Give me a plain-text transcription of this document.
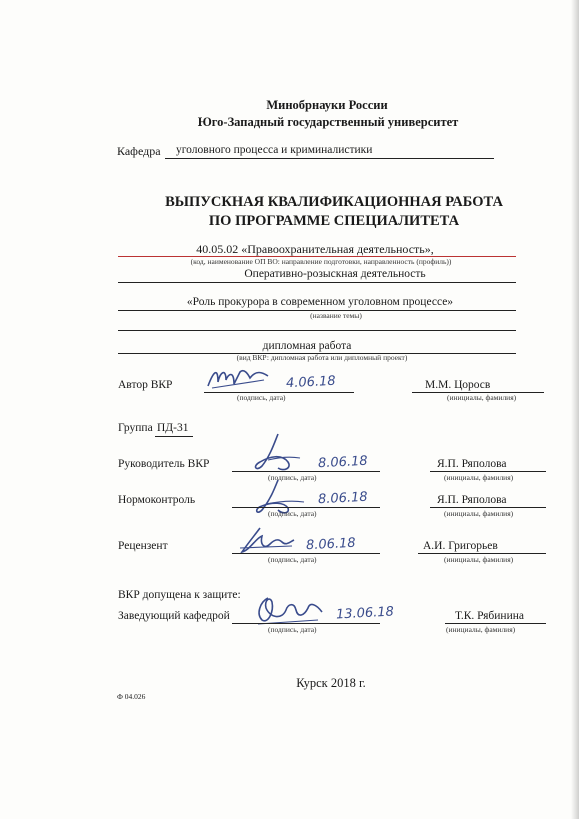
Минобрнауки России
Юго-Западный государственный университет
Кафедра уголовного процесса и криминалистики
ВЫПУСКНАЯ КВАЛИФИКАЦИОННАЯ РАБОТА
ПО ПРОГРАММЕ СПЕЦИАЛИТЕТА
40.05.02 «Правоохранительная деятельность»,
(код, наименование ОП ВО: направление подготовки, направленность (профиль))
Оперативно-розыскная деятельность
«Роль прокурора в современном уголовном процессе»
(название темы)
дипломная работа
(вид ВКР: дипломная работа или дипломный проект)
Автор ВКР	4.06.18
(подпись, дата)
М.М. Цоросв
(инициалы, фамилия)
Группа ПД-31
Руководитель ВКР	8.06.18
(подпись, дата)
Я.П. Ряполова
(инициалы, фамилия)
Нормоконтроль	8.06.18
(подпись, дата)
Я.П. Ряполова
(инициалы, фамилия)
Рецензент	8.06.18
(подпись, дата)
А.И. Григорьев
(инициалы, фамилия)
ВКР допущена к защите:
Заведующий кафедрой	13.06.18
(подпись, дата)
Т.К. Рябинина
(инициалы, фамилия)
Курск 2018 г.
Ф 04.026
